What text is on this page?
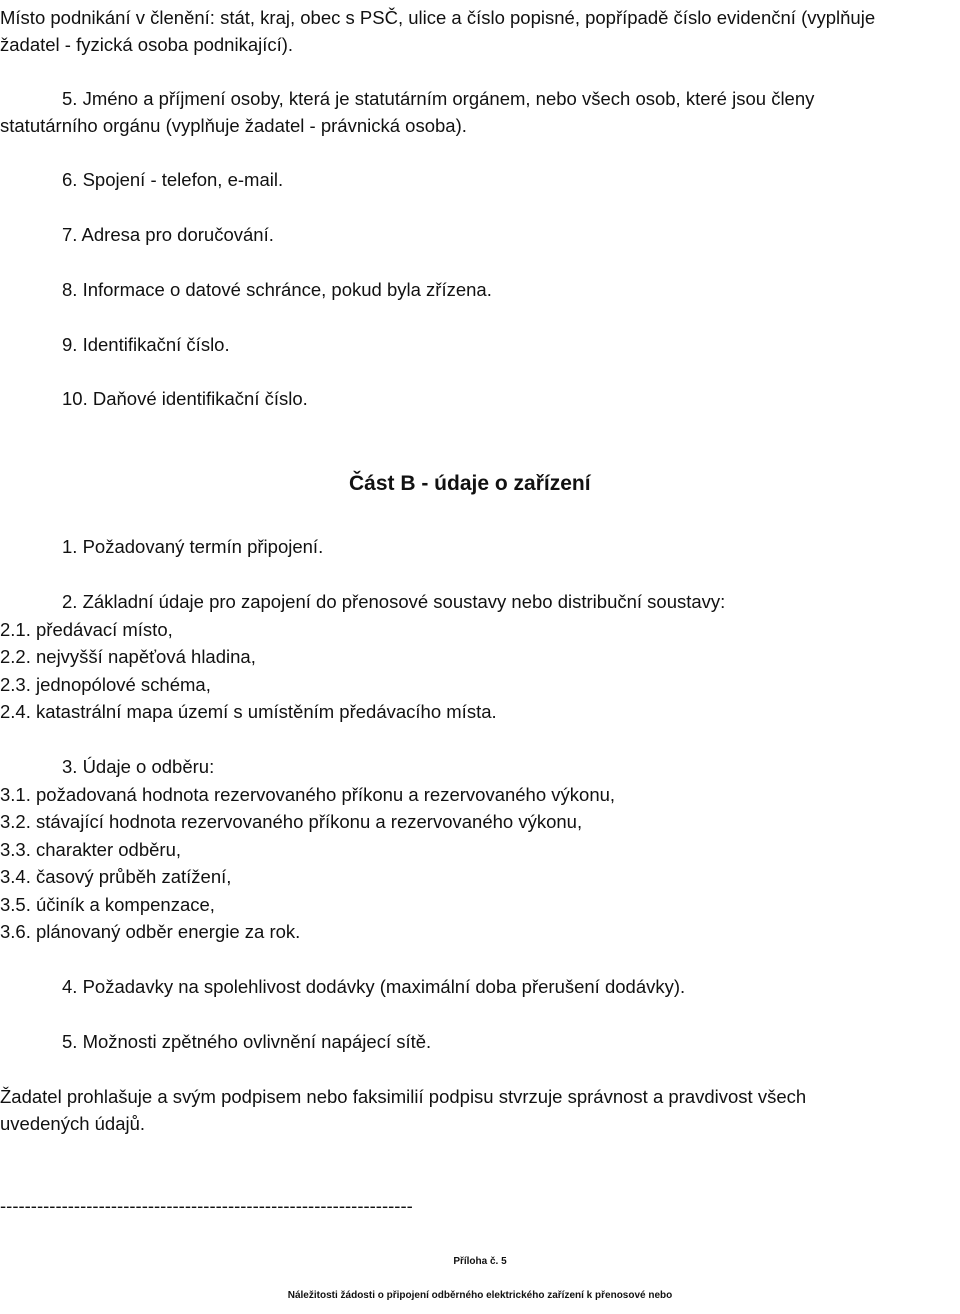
Místo podnikání v členění: stát, kraj, obec s PSČ, ulice a číslo popisné, popřípadě číslo evidenční (vyplňuje
žadatel - fyzická osoba podnikající).
5. Jméno a příjmení osoby, která je statutárním orgánem, nebo všech osob, které jsou členy
statutárního orgánu (vyplňuje žadatel - právnická osoba).
6. Spojení - telefon, e-mail.
7. Adresa pro doručování.
8. Informace o datové schránce, pokud byla zřízena.
9. Identifikační číslo.
10. Daňové identifikační číslo.
Část B - údaje o zařízení
1. Požadovaný termín připojení.
2. Základní údaje pro zapojení do přenosové soustavy nebo distribuční soustavy:
2.1. předávací místo,
2.2. nejvyšší napěťová hladina,
2.3. jednopólové schéma,
2.4. katastrální mapa území s umístěním předávacího místa.
3. Údaje o odběru:
3.1. požadovaná hodnota rezervovaného příkonu a rezervovaného výkonu,
3.2. stávající hodnota rezervovaného příkonu a rezervovaného výkonu,
3.3. charakter odběru,
3.4. časový průběh zatížení,
3.5. účiník a kompenzace,
3.6. plánovaný odběr energie za rok.
4. Požadavky na spolehlivost dodávky (maximální doba přerušení dodávky).
5. Možnosti zpětného ovlivnění napájecí sítě.
Žadatel prohlašuje a svým podpisem nebo faksimilií podpisu stvrzuje správnost a pravdivost všech
uvedených údajů.
-------------------------------------------------------------------
Příloha č. 5
Náležitosti žádosti o připojení odběrného elektrického zařízení k přenosové nebo
